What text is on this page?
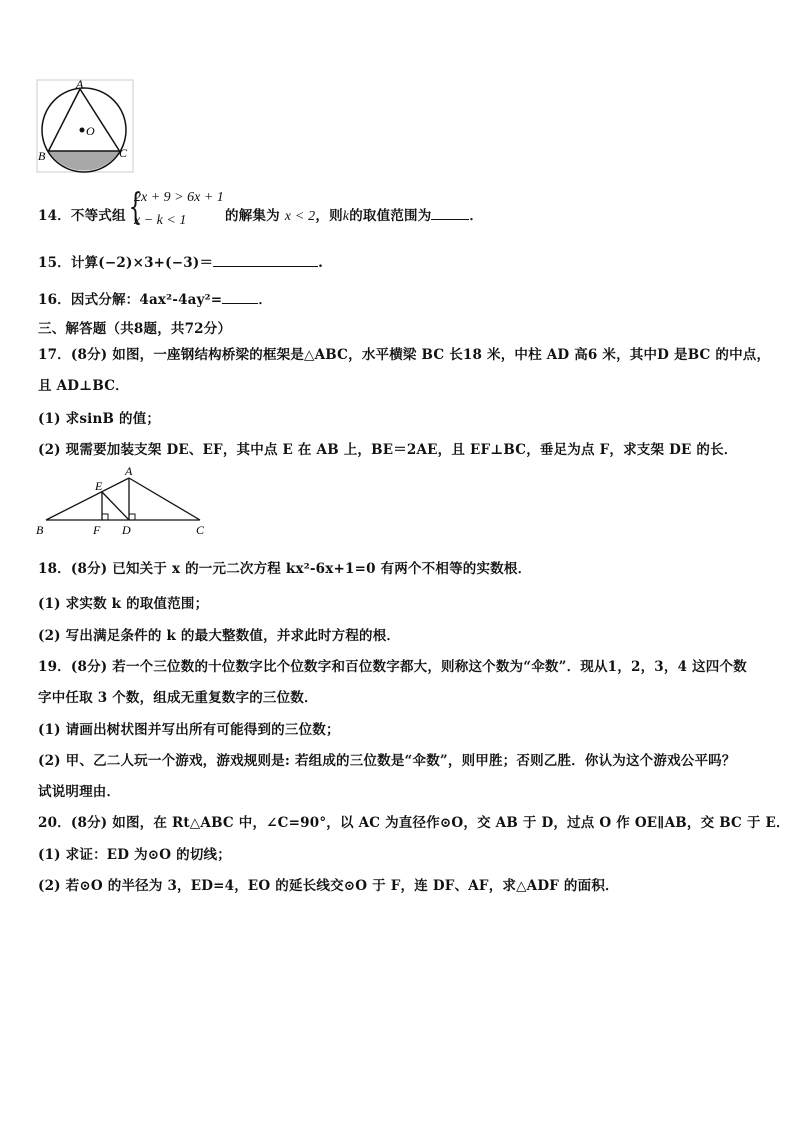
A
O
B	C
14．不等式组 {
2x + 9 > 6x + 1
x − k < 1	的解集为 x < 2，则k的取值范围为	．
15．计算(−2)×3+(−3)＝	.
16．因式分解：4ax²-4ay²=	．
三、解答题（共8题，共72分）
17．(8分) 如图，一座钢结构桥梁的框架是△ABC，水平横梁 BC 长18 米，中柱 AD 高6 米，其中D 是BC 的中点，
且 AD⊥BC．
(1) 求sinB 的值；
(2) 现需要加装支架 DE、EF，其中点 E 在 AB 上，BE＝2AE，且 EF⊥BC，垂足为点 F，求支架 DE 的长．
A
E
B	F D	C
18．(8分) 已知关于 x 的一元二次方程 kx²-6x+1=0 有两个不相等的实数根．
(1) 求实数 k 的取值范围；
(2) 写出满足条件的 k 的最大整数值，并求此时方程的根．
19．(8分) 若一个三位数的十位数字比个位数字和百位数字都大，则称这个数为“伞数”．现从1，2，3，4 这四个数
字中任取 3 个数，组成无重复数字的三位数．
(1) 请画出树状图并写出所有可能得到的三位数；
(2) 甲、乙二人玩一个游戏，游戏规则是: 若组成的三位数是“伞数”，则甲胜；否则乙胜．你认为这个游戏公平吗？
试说明理由．
20．(8分) 如图，在 Rt△ABC 中，∠C=90°，以 AC 为直径作⊙O，交 AB 于 D，过点 O 作 OE∥AB，交 BC 于 E．
(1) 求证：ED 为⊙O 的切线；
(2) 若⊙O 的半径为 3，ED=4，EO 的延长线交⊙O 于 F，连 DF、AF，求△ADF 的面积．
